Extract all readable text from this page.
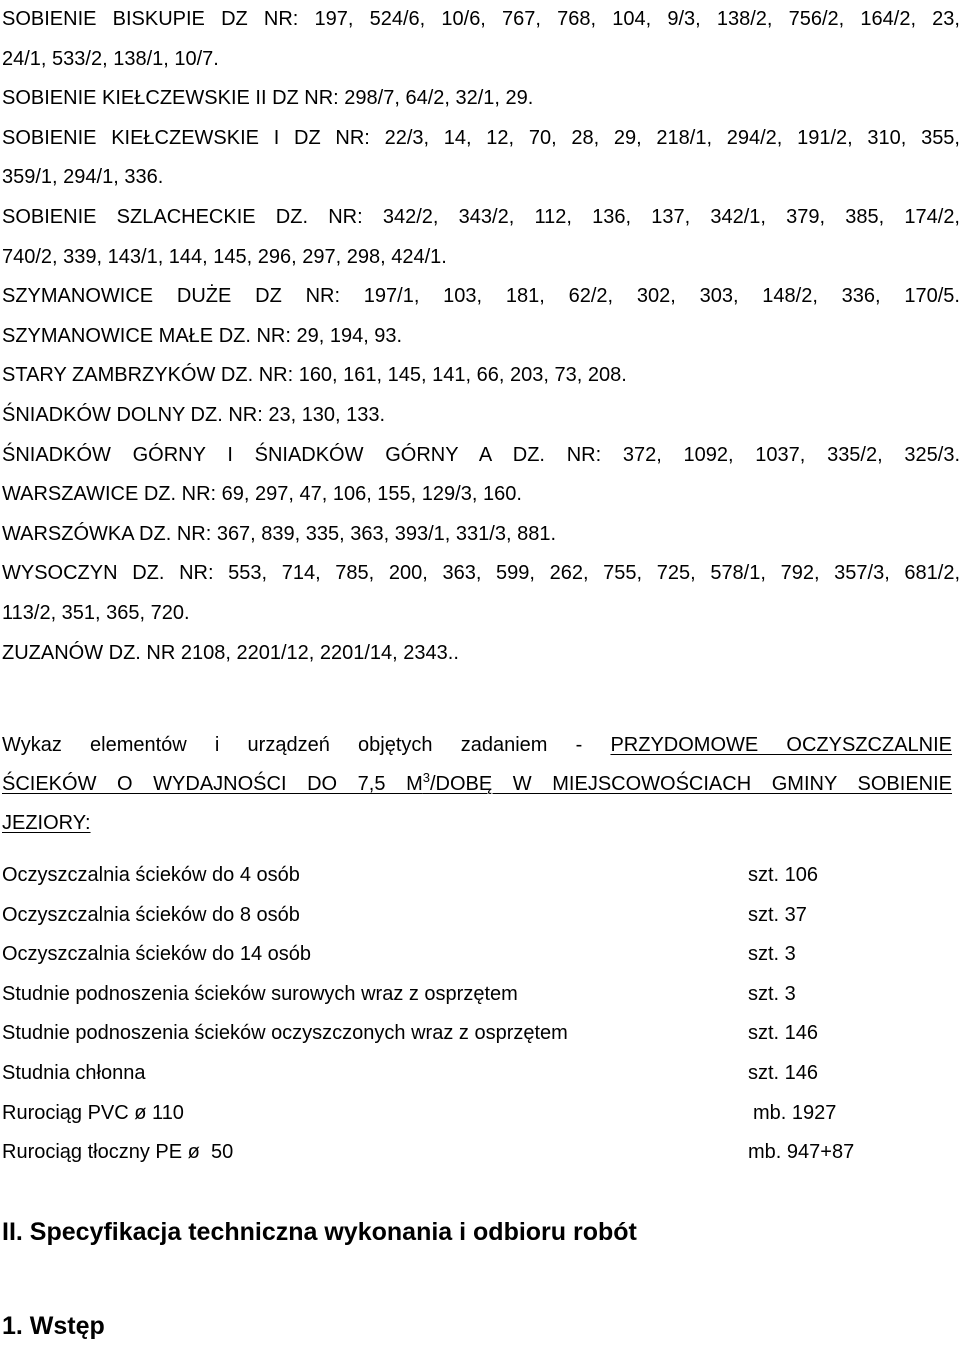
SOBIENIE BISKUPIE DZ NR: 197, 524/6, 10/6, 767, 768, 104, 9/3, 138/2, 756/2, 164/2, 23,
24/1, 533/2, 138/1, 10/7.
SOBIENIE KIEŁCZEWSKIE II DZ NR: 298/7, 64/2, 32/1, 29.
SOBIENIE KIEŁCZEWSKIE I DZ NR: 22/3, 14, 12, 70, 28, 29, 218/1, 294/2, 191/2, 310, 355,
359/1, 294/1, 336.
SOBIENIE SZLACHECKIE DZ. NR: 342/2, 343/2, 112, 136, 137, 342/1, 379, 385, 174/2,
740/2, 339, 143/1, 144, 145, 296, 297, 298, 424/1.
SZYMANOWICE DUŻE DZ NR: 197/1, 103, 181, 62/2, 302, 303, 148/2, 336, 170/5.
SZYMANOWICE MAŁE DZ. NR: 29, 194, 93.
STARY ZAMBRZYKÓW DZ. NR: 160, 161, 145, 141, 66, 203, 73, 208.
ŚNIADKÓW DOLNY DZ. NR: 23, 130, 133.
ŚNIADKÓW GÓRNY I ŚNIADKÓW GÓRNY A DZ. NR: 372, 1092, 1037, 335/2, 325/3.
WARSZAWICE DZ. NR: 69, 297, 47, 106, 155, 129/3, 160.
WARSZÓWKA DZ. NR: 367, 839, 335, 363, 393/1, 331/3, 881.
WYSOCZYN DZ. NR: 553, 714, 785, 200, 363, 599, 262, 755, 725, 578/1, 792, 357/3, 681/2,
113/2, 351, 365, 720.
ZUZANÓW DZ. NR 2108, 2201/12, 2201/14, 2343..
Wykaz elementów i urządzeń objętych zadaniem - PRZYDOMOWE OCZYSZCZALNIE
ŚCIEKÓW O WYDAJNOŚCI DO 7,5 $M^3$/DOBĘ W MIEJSCOWOŚCIACH GMINY SOBIENIE
JEZIORY:
Oczyszczalnia ścieków do 4 osób	szt. 106
Oczyszczalnia ścieków do 8 osób	szt. 37
Oczyszczalnia ścieków do 14 osób	szt. 3
Studnie podnoszenia ścieków surowych wraz z osprzętem	szt. 3
Studnie podnoszenia ścieków oczyszczonych wraz z osprzętem	szt. 146
Studnia chłonna	szt. 146
Rurociąg PVC ø 110	mb. 1927
Rurociąg tłoczny PE ø  50	mb. 947+87
II. Specyfikacja techniczna wykonania i odbioru robót
1. Wstęp
